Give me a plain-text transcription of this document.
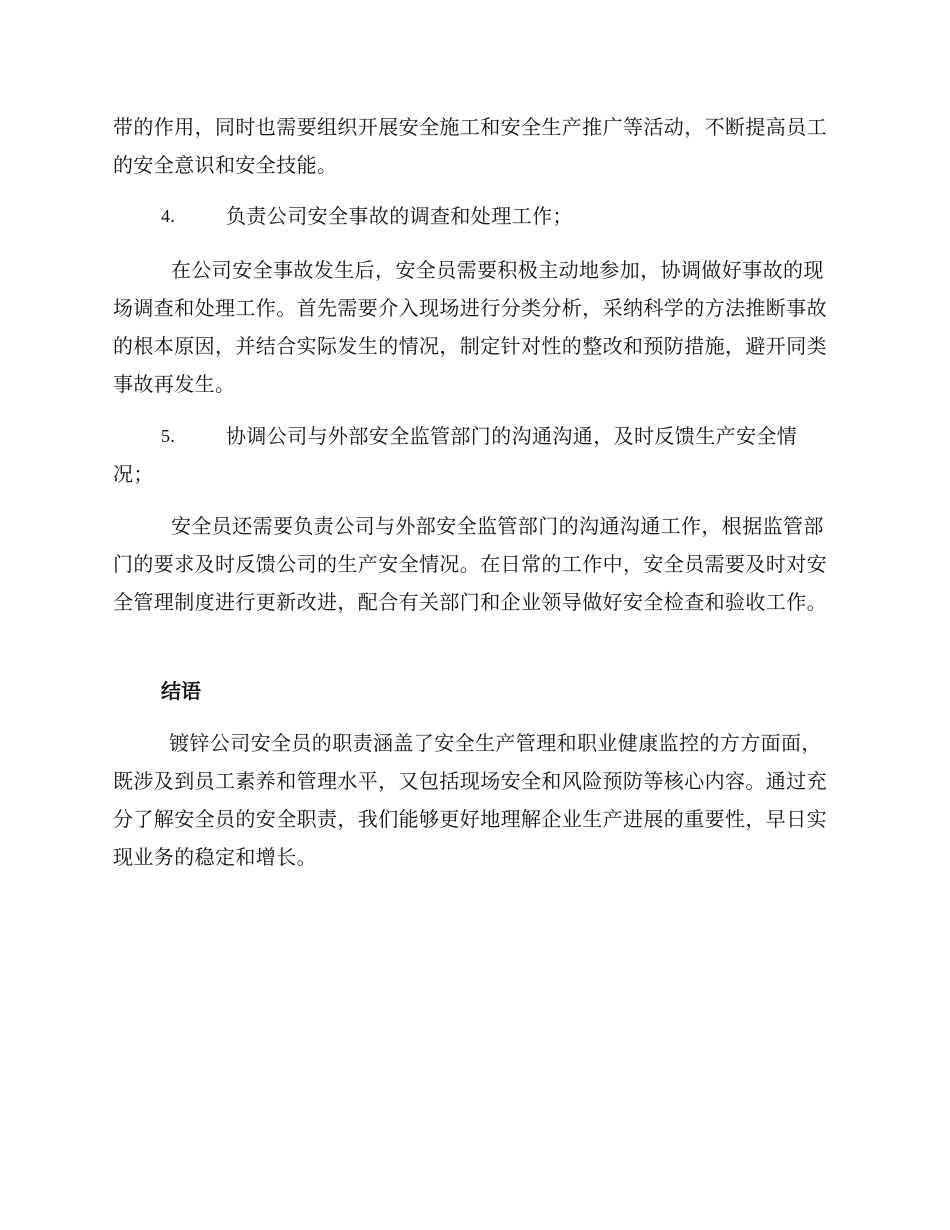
带的作用，同时也需要组织开展安全施工和安全生产推广等活动，不断提高员工的安全意识和安全技能。

4.	负责公司安全事故的调查和处理工作；

在公司安全事故发生后，安全员需要积极主动地参加，协调做好事故的现场调查和处理工作。首先需要介入现场进行分类分析，采纳科学的方法推断事故的根本原因，并结合实际发生的情况，制定针对性的整改和预防措施，避开同类事故再发生。

5.	协调公司与外部安全监管部门的沟通沟通，及时反馈生产安全情况；

安全员还需要负责公司与外部安全监管部门的沟通沟通工作，根据监管部门的要求及时反馈公司的生产安全情况。在日常的工作中，安全员需要及时对安全管理制度进行更新改进，配合有关部门和企业领导做好安全检查和验收工作。

结语

镀锌公司安全员的职责涵盖了安全生产管理和职业健康监控的方方面面，既涉及到员工素养和管理水平，又包括现场安全和风险预防等核心内容。通过充分了解安全员的安全职责，我们能够更好地理解企业生产进展的重要性，早日实现业务的稳定和增长。
